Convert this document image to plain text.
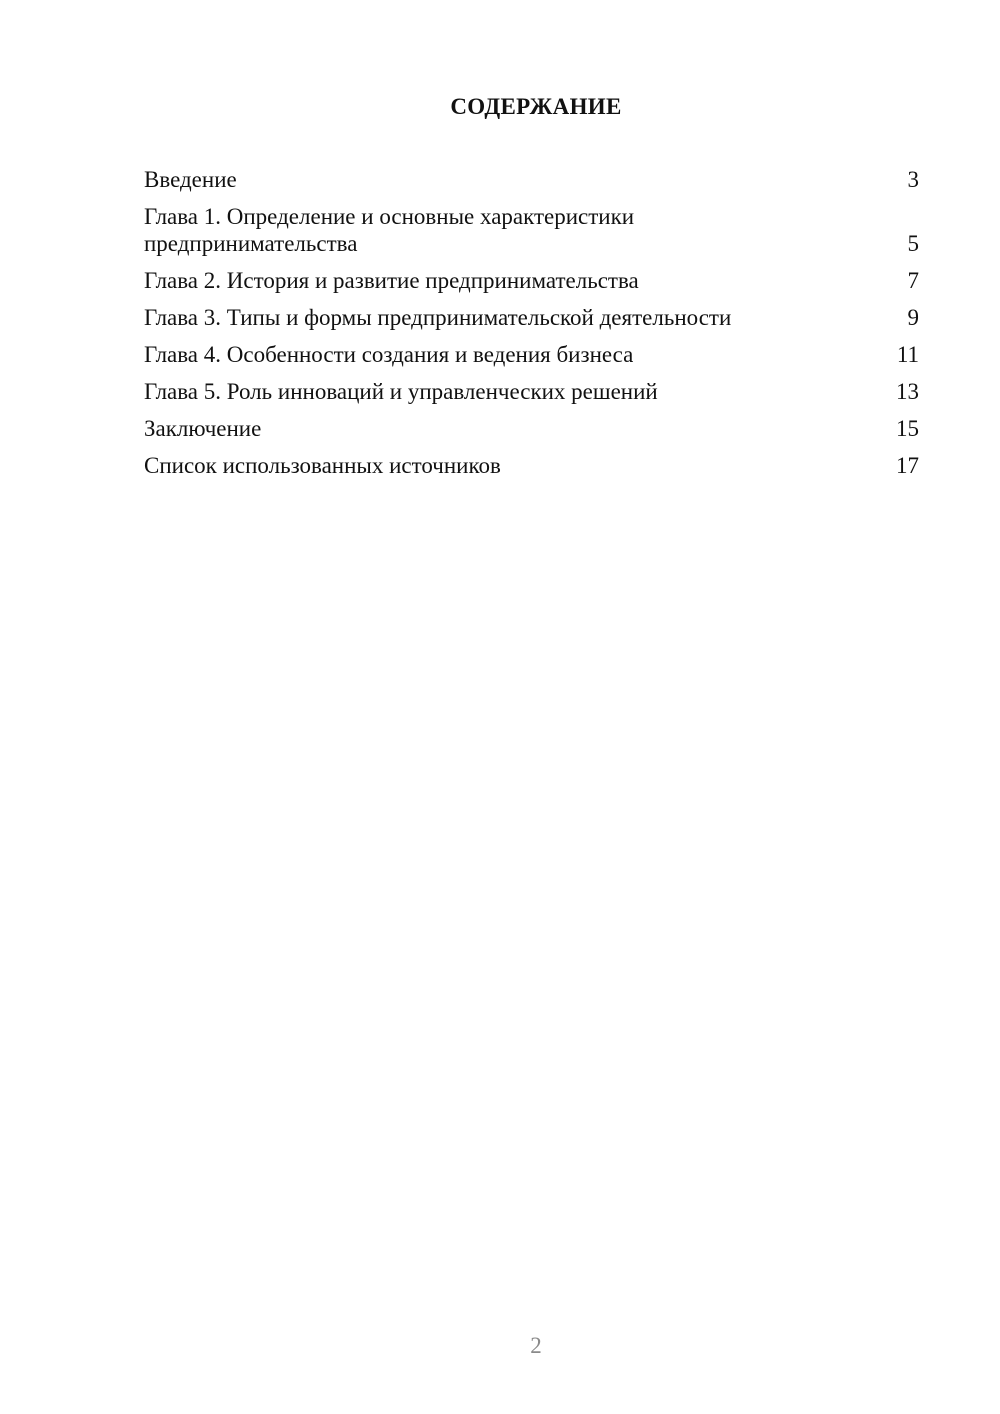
СОДЕРЖАНИЕ
Введение	3
Глава 1. Определение и основные характеристики предпринимательства	5
Глава 2. История и развитие предпринимательства	7
Глава 3. Типы и формы предпринимательской деятельности	9
Глава 4. Особенности создания и ведения бизнеса	11
Глава 5. Роль инноваций и управленческих решений	13
Заключение	15
Список использованных источников	17
2
